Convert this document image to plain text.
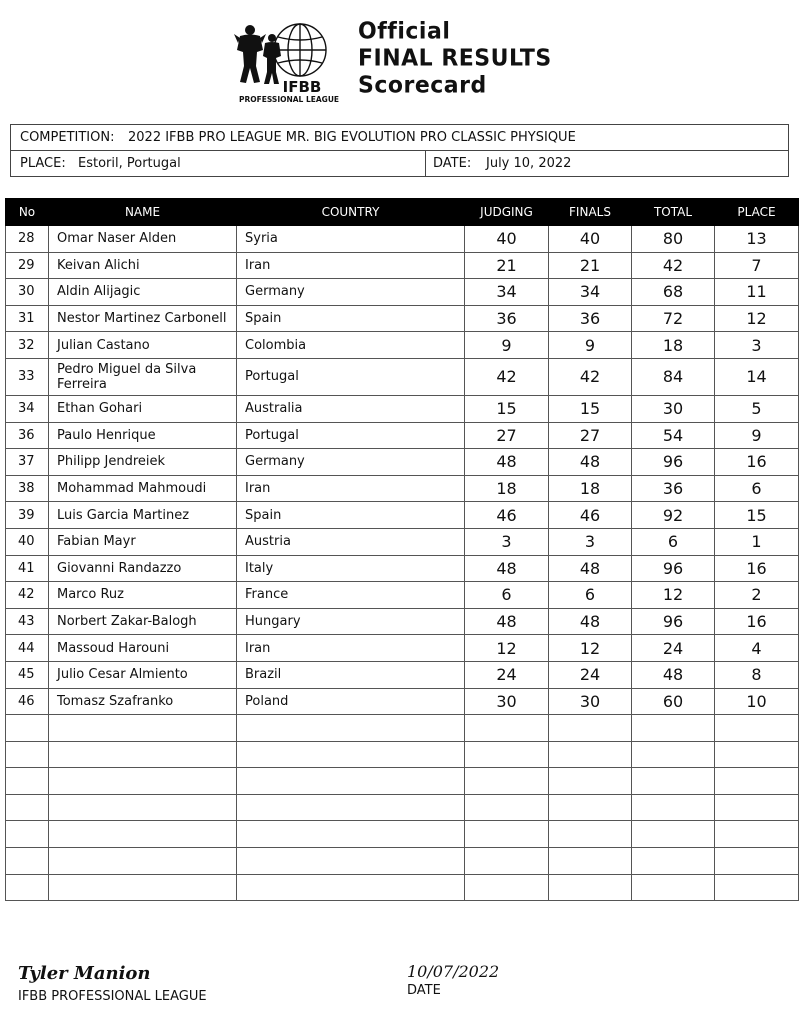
IFBB
PROFESSIONAL LEAGUE
Official
FINAL RESULTS
Scorecard
COMPETITION: 2022 IFBB PRO LEAGUE MR. BIG EVOLUTION PRO CLASSIC PHYSIQUE
PLACE: Estoril, Portugal	DATE: July 10, 2022
No	NAME	COUNTRY	JUDGING	FINALS	TOTAL	PLACE
28	Omar Naser Alden	Syria	40	40	80	13
29	Keivan Alichi	Iran	21	21	42	7
30	Aldin Alijagic	Germany	34	34	68	11
31	Nestor Martinez Carbonell	Spain	36	36	72	12
32	Julian Castano	Colombia	9	9	18	3
33	Pedro Miguel da Silva
Ferreira	Portugal	42	42	84	14
34	Ethan Gohari	Australia	15	15	30	5
36	Paulo Henrique	Portugal	27	27	54	9
37	Philipp Jendreiek	Germany	48	48	96	16
38	Mohammad Mahmoudi	Iran	18	18	36	6
39	Luis Garcia Martinez	Spain	46	46	92	15
40	Fabian Mayr	Austria	3	3	6	1
41	Giovanni Randazzo	Italy	48	48	96	16
42	Marco Ruz	France	6	6	12	2
43	Norbert Zakar-Balogh	Hungary	48	48	96	16
44	Massoud Harouni	Iran	12	12	24	4
45	Julio Cesar Almiento	Brazil	24	24	48	8
46	Tomasz Szafranko	Poland	30	30	60	10

Tyler Manion
IFBB PROFESSIONAL LEAGUE
10/07/2022
DATE
